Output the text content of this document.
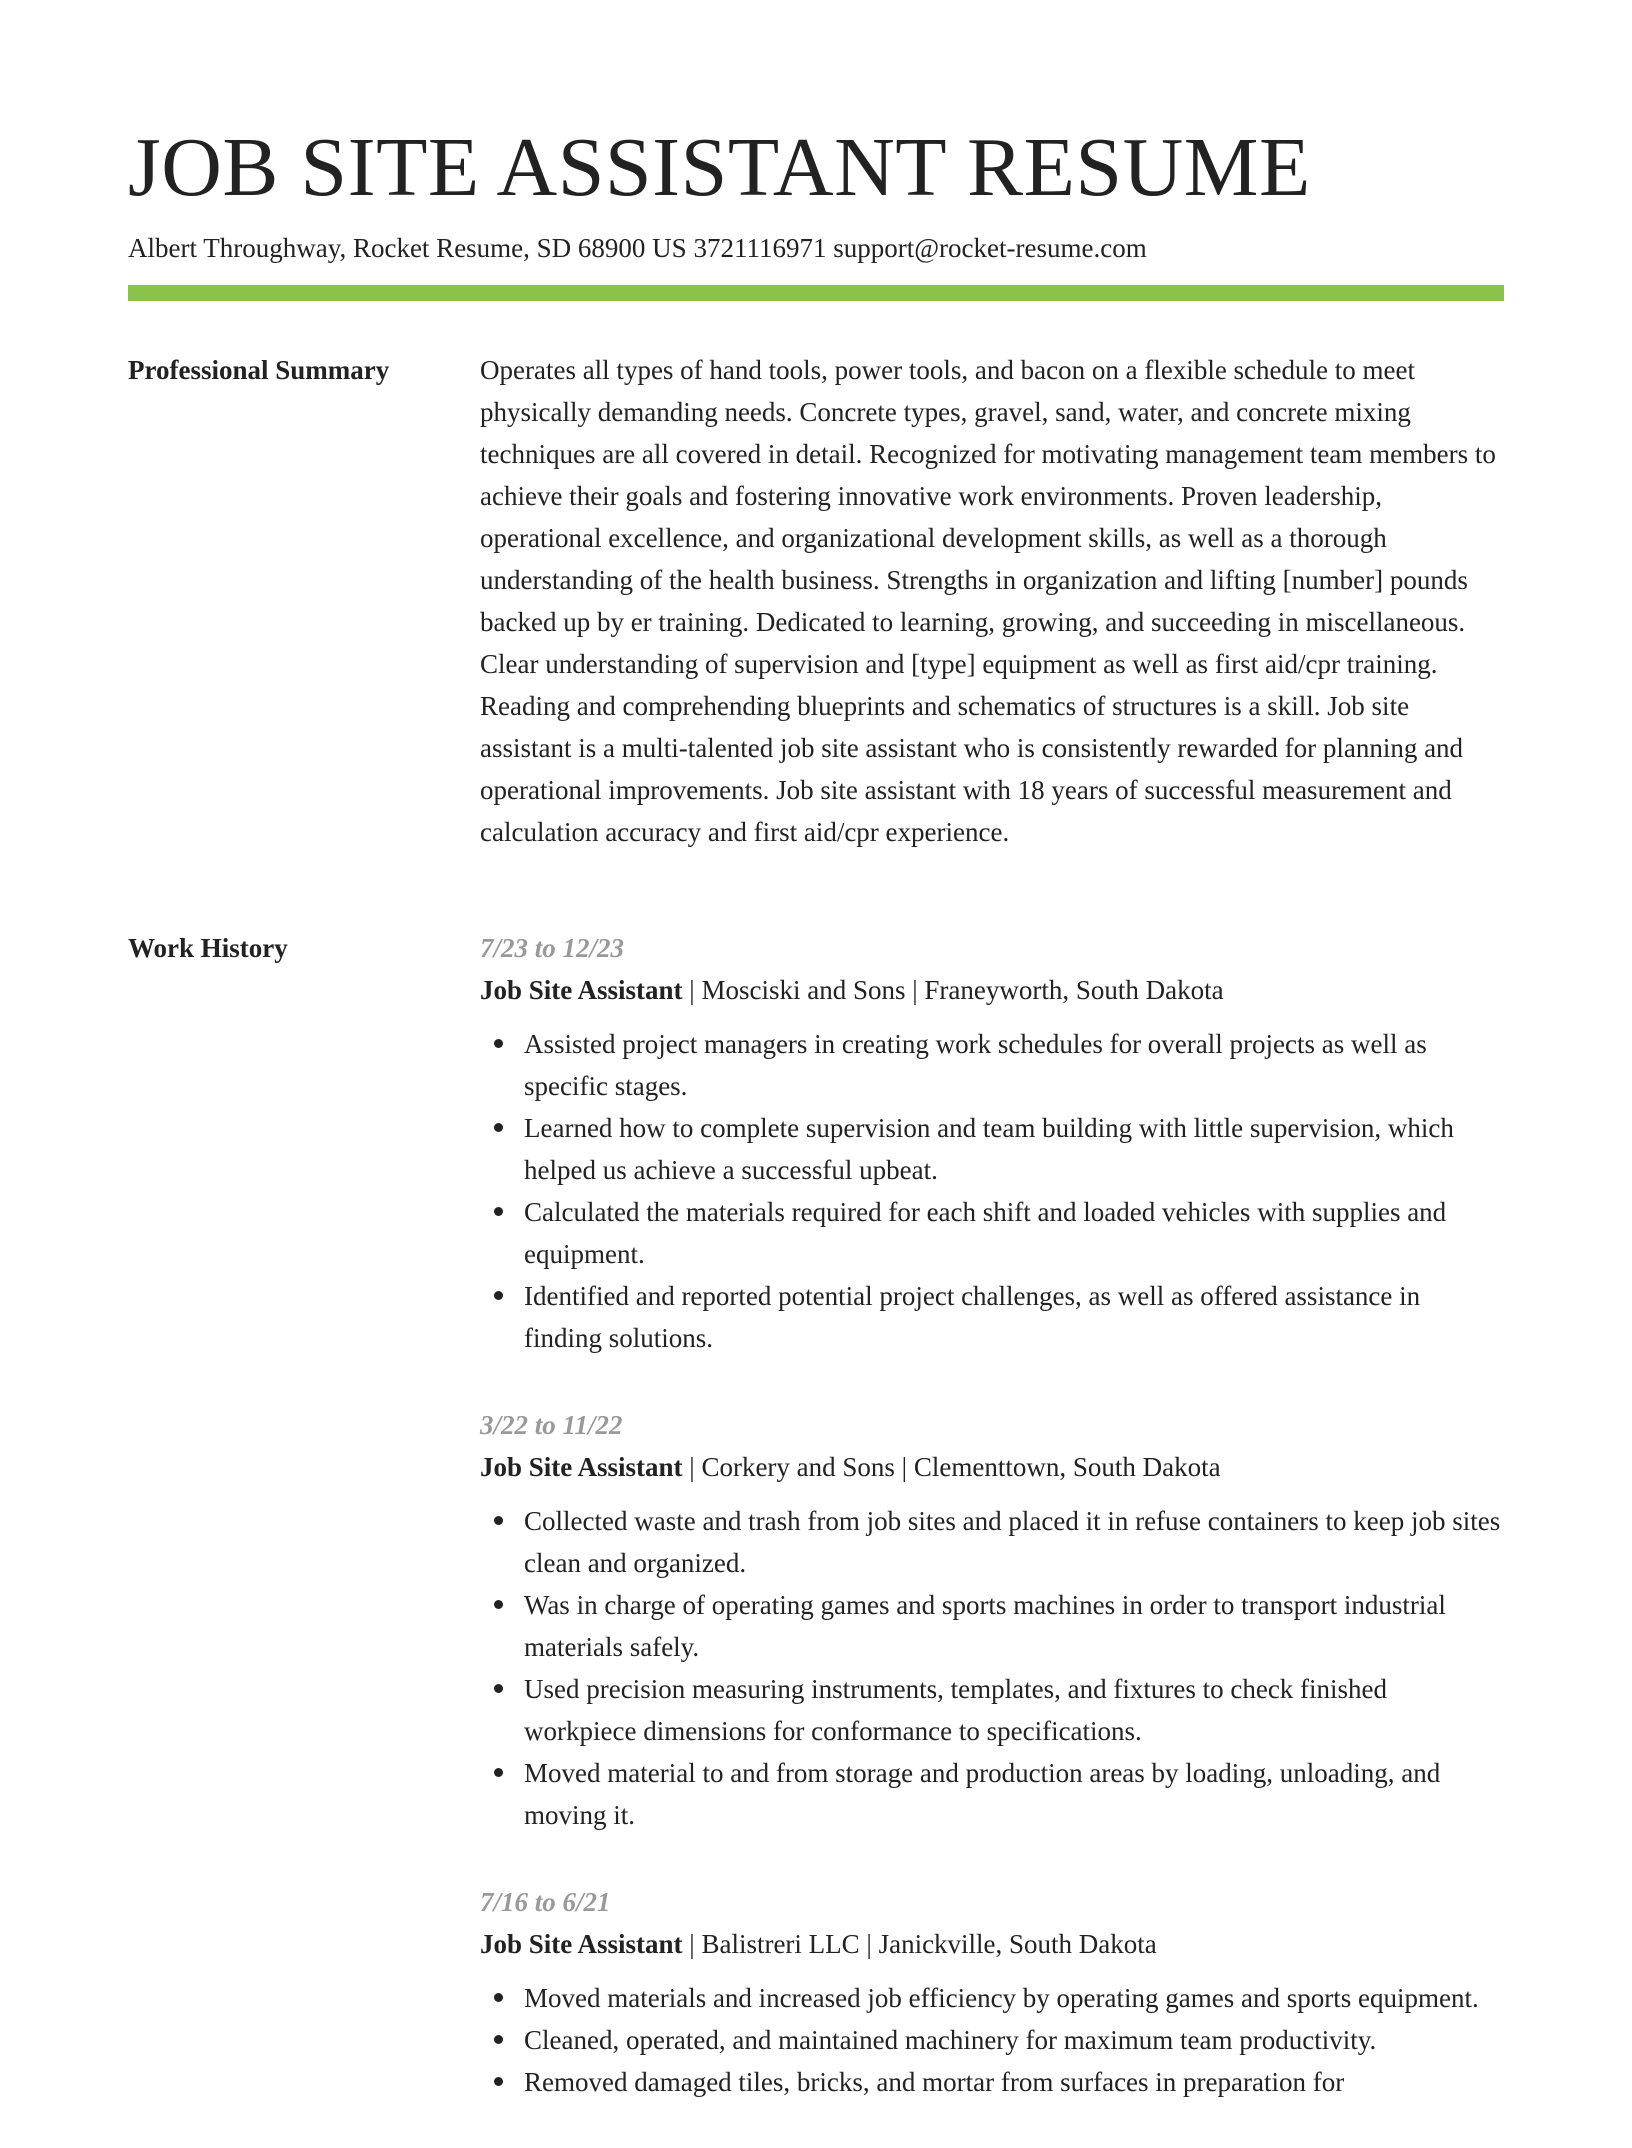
JOB SITE ASSISTANT RESUME
Albert Throughway, Rocket Resume, SD 68900 US 3721116971 support@rocket-resume.com
Professional Summary	Operates all types of hand tools, power tools, and bacon on a flexible schedule to meet physically demanding needs. Concrete types, gravel, sand, water, and concrete mixing techniques are all covered in detail. Recognized for motivating management team members to achieve their goals and fostering innovative work environments. Proven leadership, operational excellence, and organizational development skills, as well as a thorough understanding of the health business. Strengths in organization and lifting [number] pounds backed up by er training. Dedicated to learning, growing, and succeeding in miscellaneous. Clear understanding of supervision and [type] equipment as well as first aid/cpr training. Reading and comprehending blueprints and schematics of structures is a skill. Job site assistant is a multi-talented job site assistant who is consistently rewarded for planning and operational improvements. Job site assistant with 18 years of successful measurement and calculation accuracy and first aid/cpr experience.

Work History	7/23 to 12/23
Job Site Assistant | Mosciski and Sons | Franeyworth, South Dakota
Assisted project managers in creating work schedules for overall projects as well as specific stages.
Learned how to complete supervision and team building with little supervision, which helped us achieve a successful upbeat.
Calculated the materials required for each shift and loaded vehicles with supplies and equipment.
Identified and reported potential project challenges, as well as offered assistance in finding solutions.
3/22 to 11/22
Job Site Assistant | Corkery and Sons | Clementtown, South Dakota
Collected waste and trash from job sites and placed it in refuse containers to keep job sites clean and organized.
Was in charge of operating games and sports machines in order to transport industrial materials safely.
Used precision measuring instruments, templates, and fixtures to check finished workpiece dimensions for conformance to specifications.
Moved material to and from storage and production areas by loading, unloading, and moving it.
7/16 to 6/21
Job Site Assistant | Balistreri LLC | Janickville, South Dakota
Moved materials and increased job efficiency by operating games and sports equipment.
Cleaned, operated, and maintained machinery for maximum team productivity.
Removed damaged tiles, bricks, and mortar from surfaces in preparation for
